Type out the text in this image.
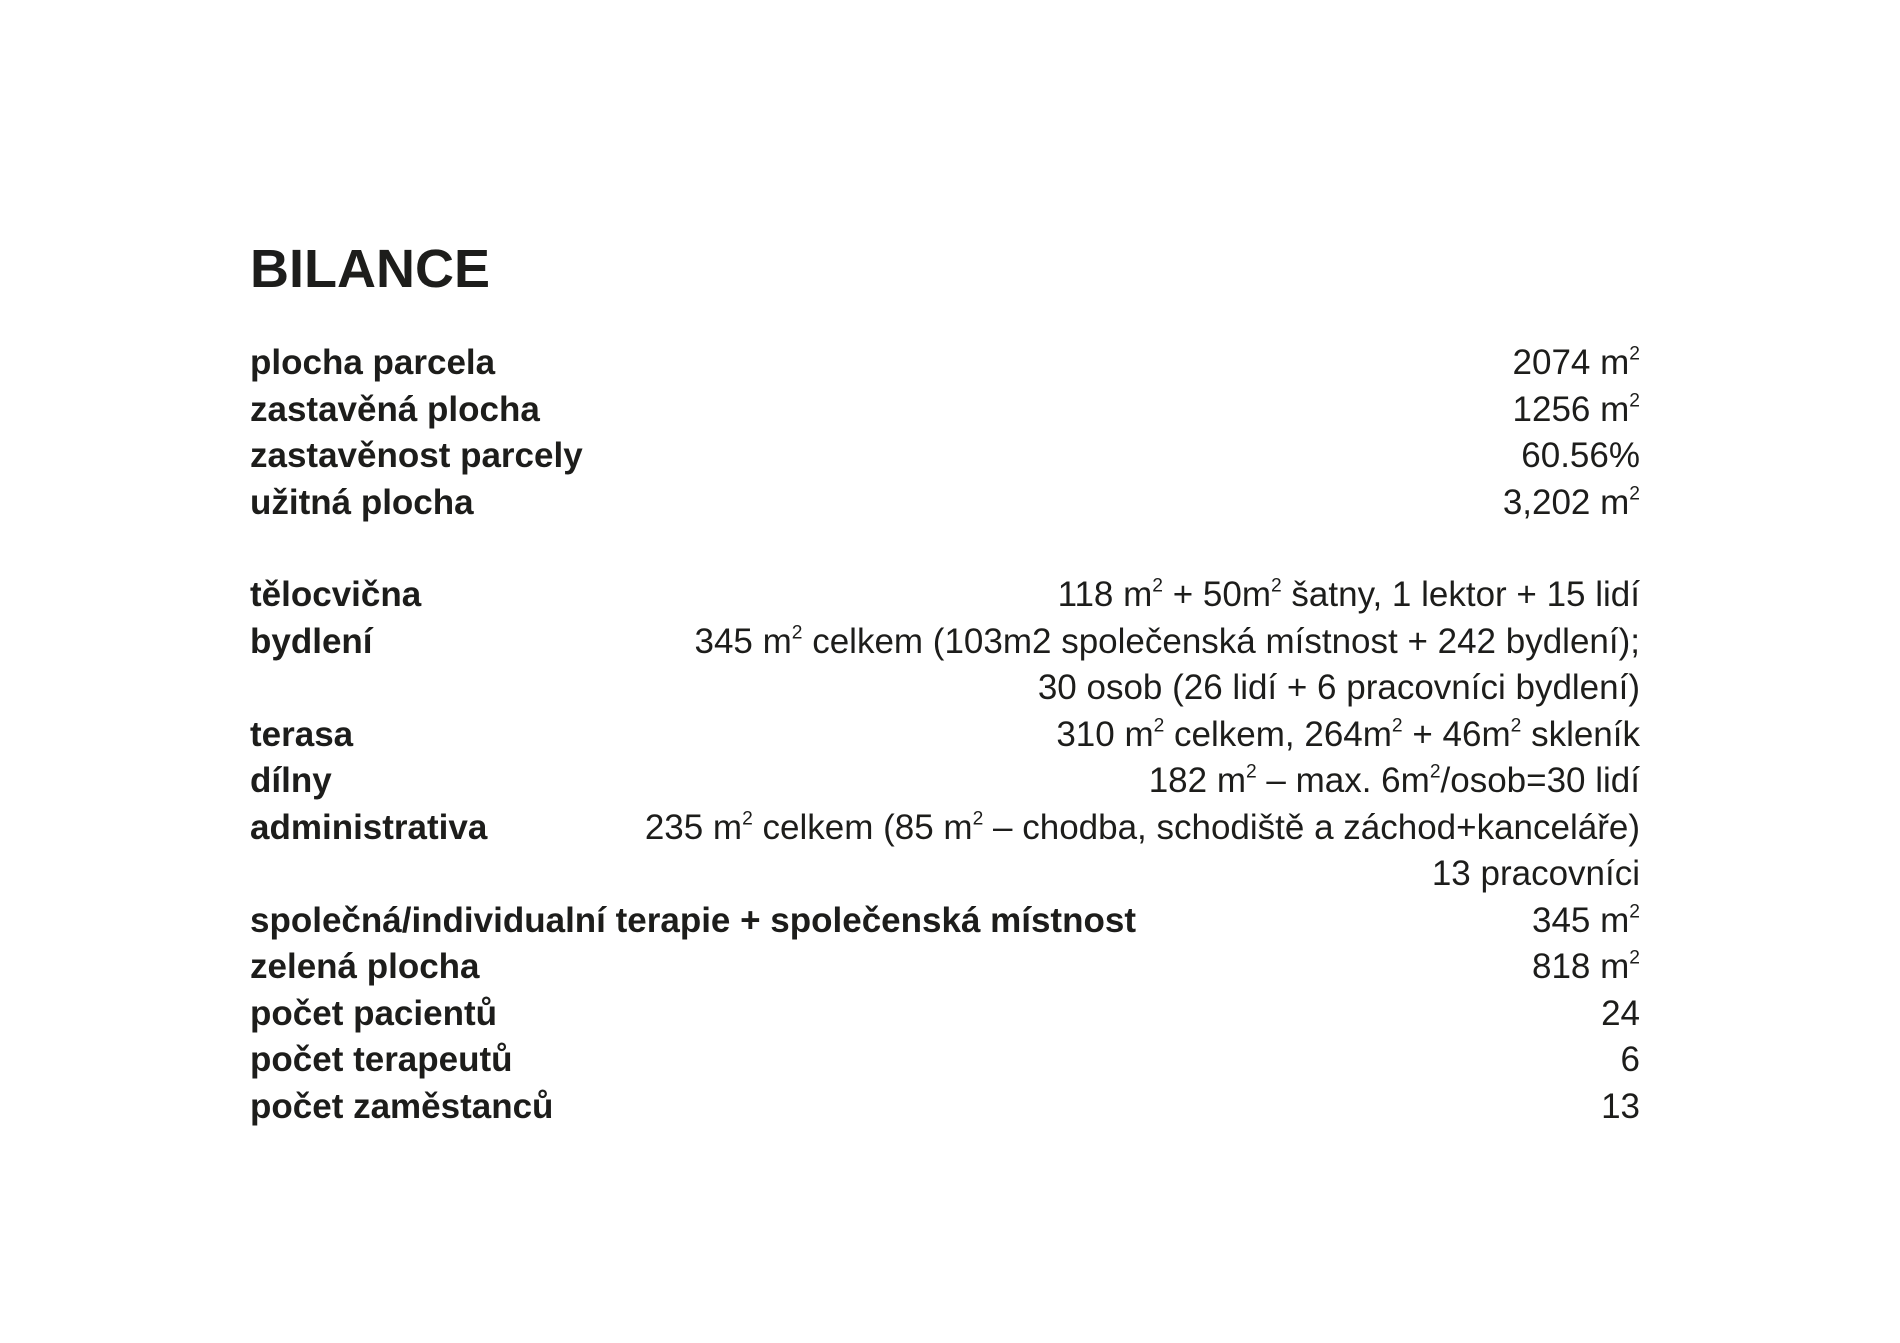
BILANCE
plocha parcela	2074 $m^2$
zastavěná plocha	1256 $m^2$
zastavěnost parcely	60.56%
užitná plocha	3,202 $m^2$
tělocvična	118 $m^2 + 50m^2$ šatny, 1 lektor + 15 lidí
bydlení	345 $m^2$ celkem (103m2 společenská místnost + 242 bydlení);
30 osob (26 lidí + 6 pracovníci bydlení)
terasa	310 $m^2$ celkem, $264m^2 + 46m^2$ skleník
dílny	182 $m^2$ – max. $6m^2/osob=30$ lidí
administrativa	235 $m^2$ celkem (85 $m^2$ – chodba, schodiště a záchod+kanceláře)
13 pracovníci
společná/individualní terapie + společenská místnost	345 $m^2$
zelená plocha	818 $m^2$
počet pacientů	24
počet terapeutů	6
počet zaměstanců	13
